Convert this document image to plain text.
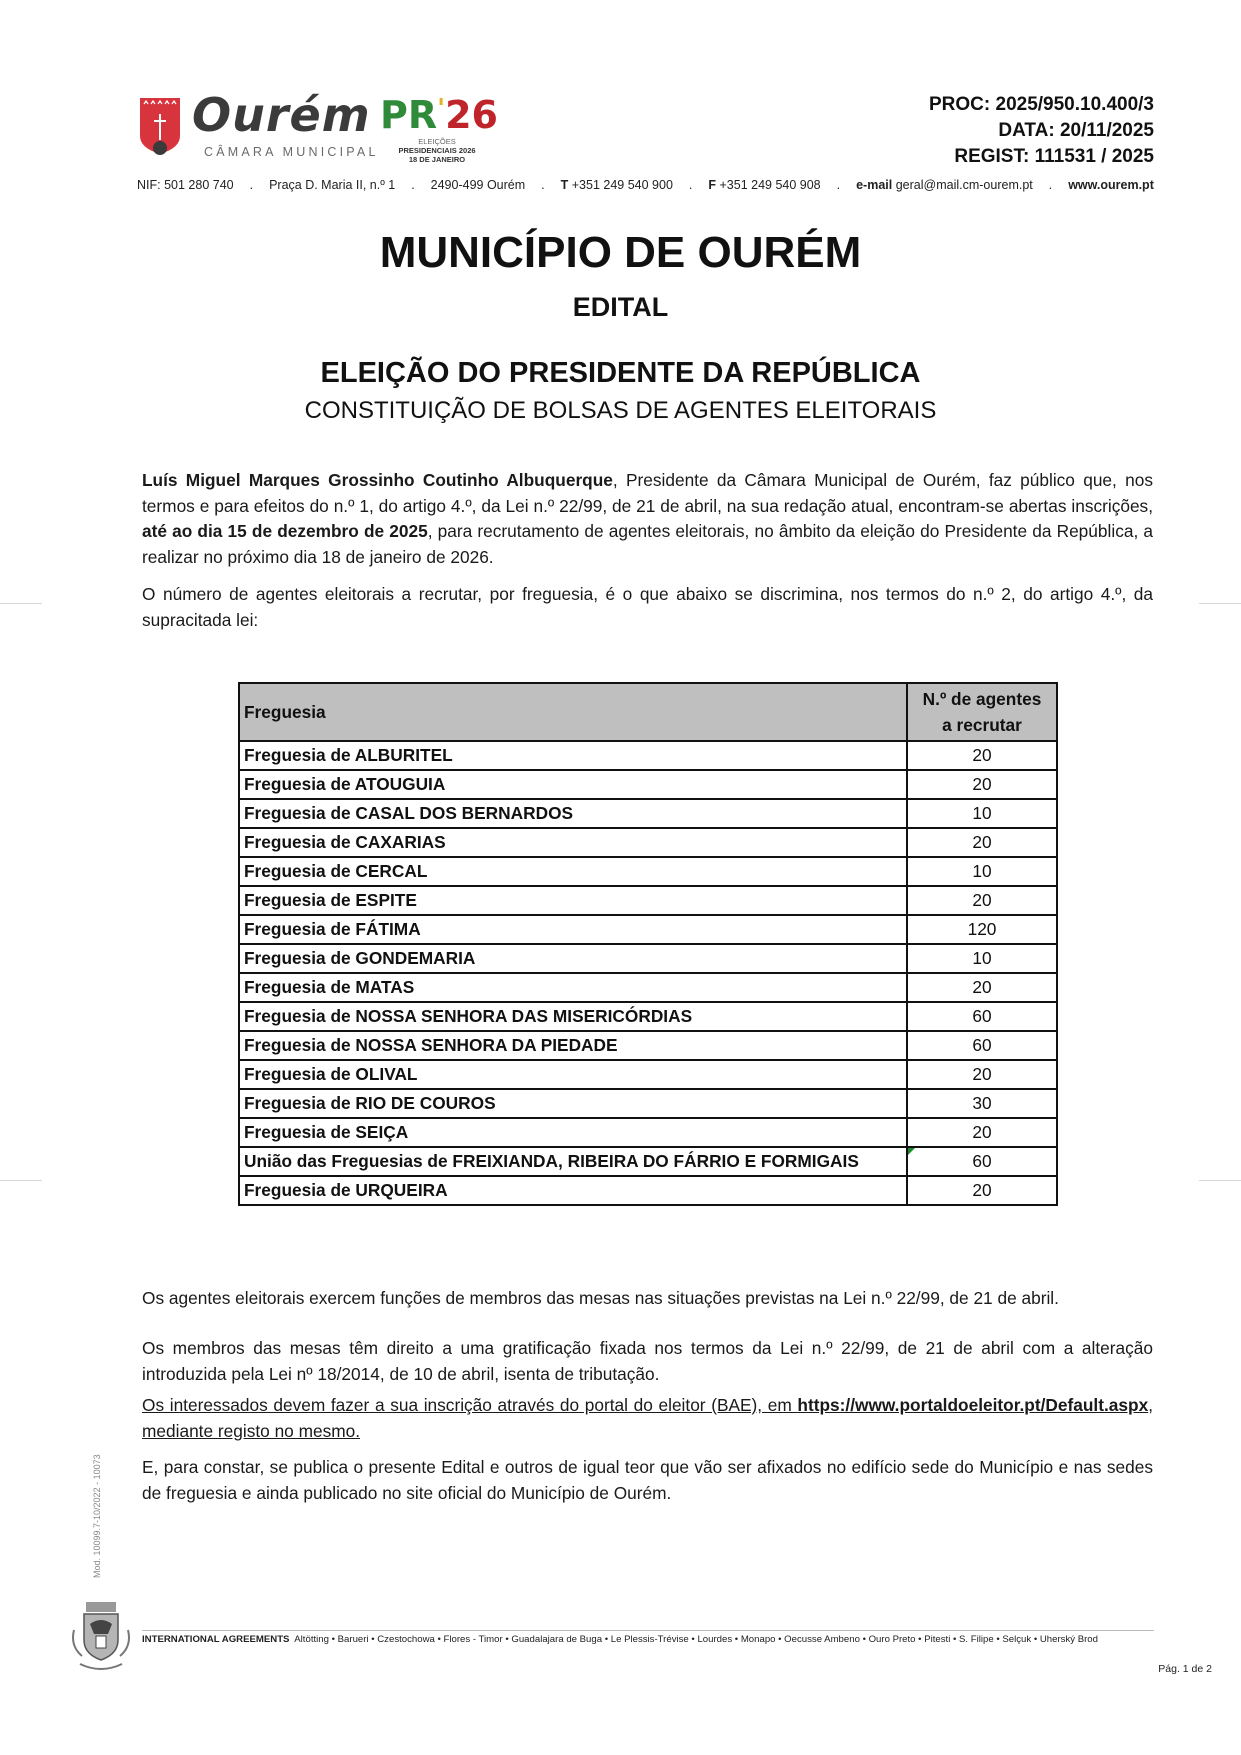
Ourém
CÂMARA MUNICIPAL
PR'26
ELEIÇÕES
PRESIDENCIAIS 2026
18 DE JANEIRO
PROC: 2025/950.10.400/3
DATA: 20/11/2025
REGIST: 111531 / 2025
NIF: 501 280 740 . Praça D. Maria II, n.º 1 . 2490-499 Ourém . T +351 249 540 900 . F +351 249 540 908 . e-mail geral@mail.cm-ourem.pt . www.ourem.pt
MUNICÍPIO DE OURÉM
EDITAL
ELEIÇÃO DO PRESIDENTE DA REPÚBLICA
CONSTITUIÇÃO DE BOLSAS DE AGENTES ELEITORAIS
Luís Miguel Marques Grossinho Coutinho Albuquerque, Presidente da Câmara Municipal de Ourém, faz público que, nos termos e para efeitos do n.º 1, do artigo 4.º, da Lei n.º 22/99, de 21 de abril, na sua redação atual, encontram-se abertas inscrições, até ao dia 15 de dezembro de 2025, para recrutamento de agentes eleitorais, no âmbito da eleição do Presidente da República, a realizar no próximo dia 18 de janeiro de 2026.
O número de agentes eleitorais a recrutar, por freguesia, é o que abaixo se discrimina, nos termos do n.º 2, do artigo 4.º, da supracitada lei:
Freguesia	N.º de agentes
a recrutar
Freguesia de ALBURITEL	20
Freguesia de ATOUGUIA	20
Freguesia de CASAL DOS BERNARDOS	10
Freguesia de CAXARIAS	20
Freguesia de CERCAL	10
Freguesia de ESPITE	20
Freguesia de FÁTIMA	120
Freguesia de GONDEMARIA	10
Freguesia de MATAS	20
Freguesia de NOSSA SENHORA DAS MISERICÓRDIAS	60
Freguesia de NOSSA SENHORA DA PIEDADE	60
Freguesia de OLIVAL	20
Freguesia de RIO DE COUROS	30
Freguesia de SEIÇA	20
União das Freguesias de FREIXIANDA, RIBEIRA DO FÁRRIO E FORMIGAIS	60
Freguesia de URQUEIRA	20
Os agentes eleitorais exercem funções de membros das mesas nas situações previstas na Lei n.º 22/99, de 21 de abril.
Os membros das mesas têm direito a uma gratificação fixada nos termos da Lei n.º 22/99, de 21 de abril com a alteração introduzida pela Lei nº 18/2014, de 10 de abril, isenta de tributação.
Os interessados devem fazer a sua inscrição através do portal do eleitor (BAE), em https://www.portaldoeleitor.pt/Default.aspx, mediante registo no mesmo.
E, para constar, se publica o presente Edital e outros de igual teor que vão ser afixados no edifício sede do Município e nas sedes de freguesia e ainda publicado no site oficial do Município de Ourém.
Mod. 10099.7-10/2022 - 10073
INTERNATIONAL AGREEMENTS Altötting • Barueri • Czestochowa • Flores - Timor • Guadalajara de Buga • Le Plessis-Trévise • Lourdes • Monapo • Oecusse Ambeno • Ouro Preto • Pitesti • S. Filipe • Selçuk • Uherský Brod
Pág. 1 de 2
